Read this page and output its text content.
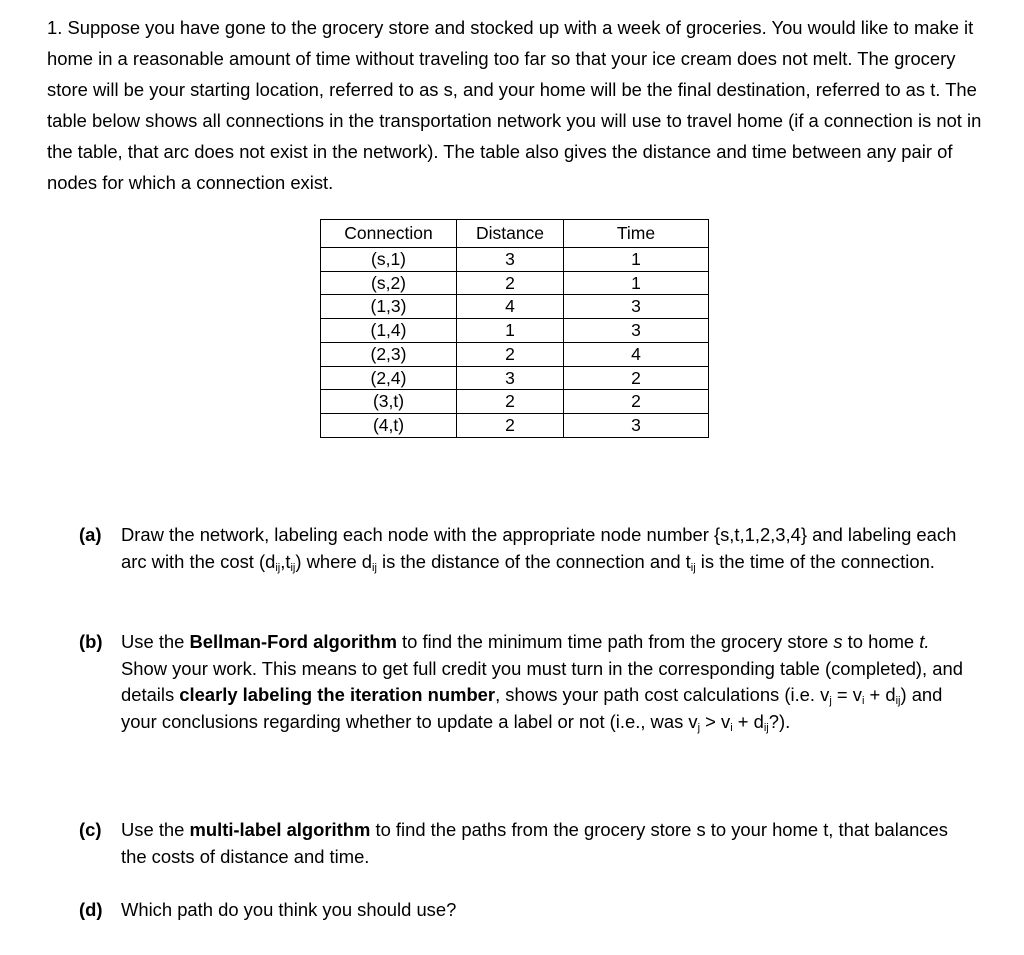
1. Suppose you have gone to the grocery store and stocked up with a week of groceries. You would like to make it home in a reasonable amount of time without traveling too far so that your ice cream does not melt. The grocery store will be your starting location, referred to as s, and your home will be the final destination, referred to as t. The table below shows all connections in the transportation network you will use to travel home (if a connection is not in the table, that arc does not exist in the network). The table also gives the distance and time between any pair of nodes for which a connection exist.

Connection	Distance	Time
(s,1)	3	1
(s,2)	2	1
(1,3)	4	3
(1,4)	1	3
(2,3)	2	4
(2,4)	3	2
(3,t)	2	2
(4,t)	2	3
(a)	Draw the network, labeling each node with the appropriate node number {s,t,1,2,3,4} and labeling each arc with the cost $(d_{ij},t_{ij})$ where $d_{ij}$ is the distance of the connection and $t_{ij}$ is the time of the connection.
(b)	Use the Bellman-Ford algorithm to find the minimum time path from the grocery store s to home t. Show your work. This means to get full credit you must turn in the corresponding table (completed), and details clearly labeling the iteration number, shows your path cost calculations (i.e. $v_j = v_i + d_{ij}$) and your conclusions regarding whether to update a label or not (i.e., was $v_j > v_i$ + $d_{ij}$?).
(c)	Use the multi-label algorithm to find the paths from the grocery store s to your home t, that balances the costs of distance and time.
(d)	Which path do you think you should use?
